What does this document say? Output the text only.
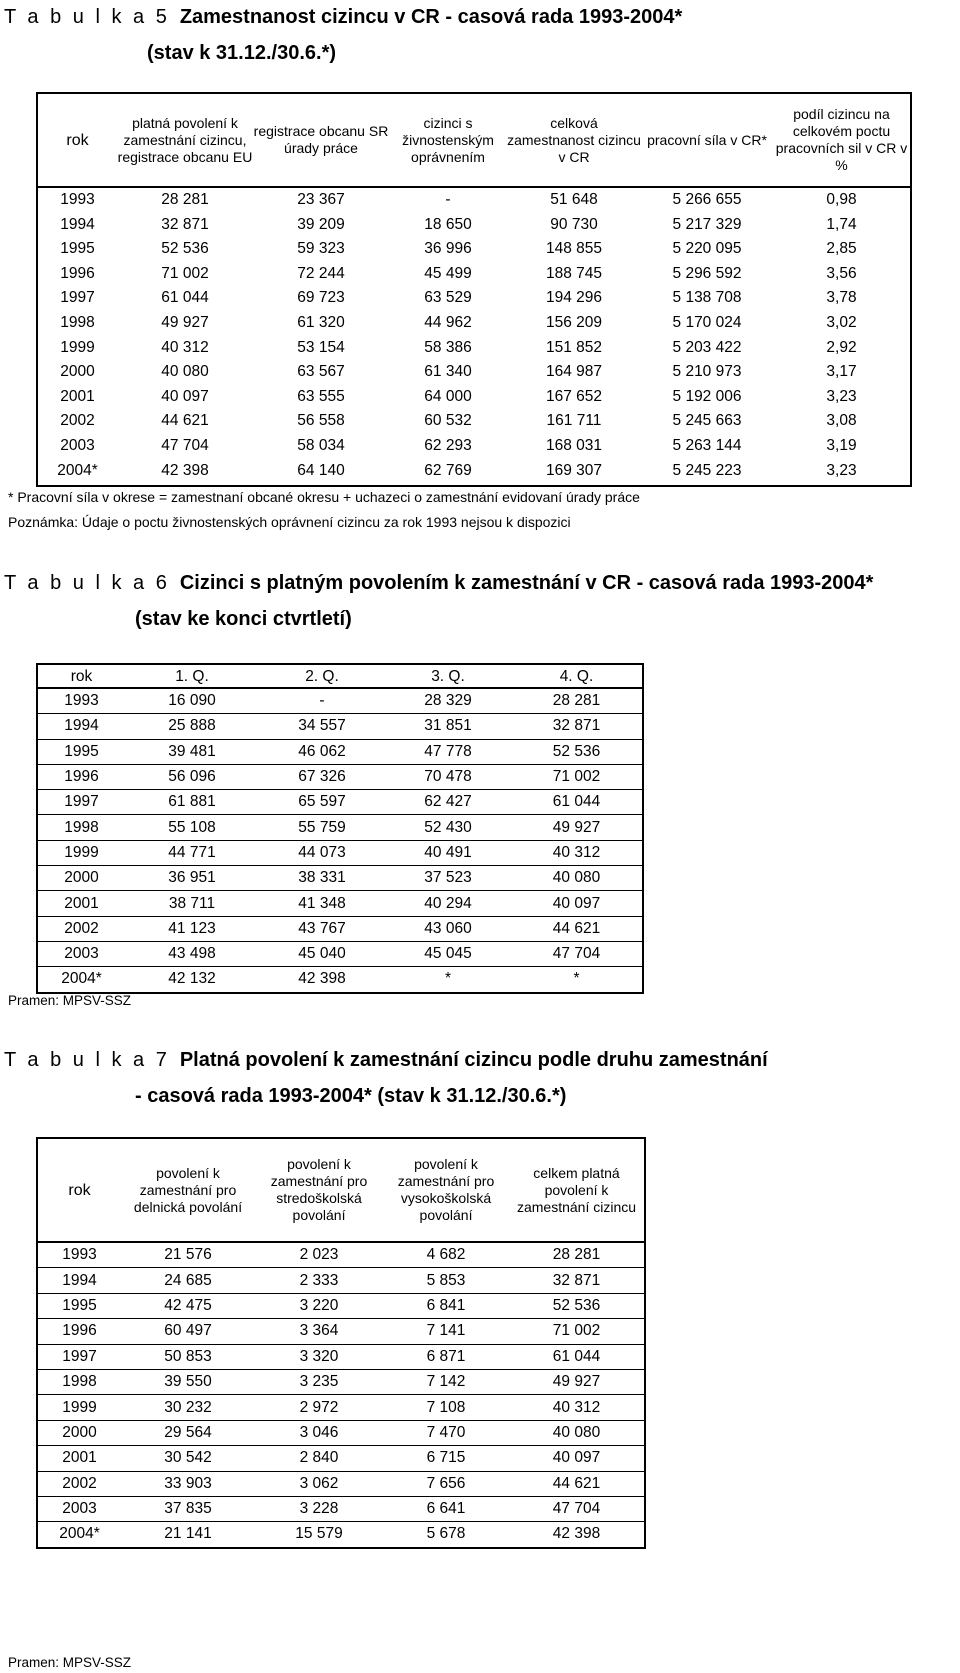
T a b u l k a 5 Zamestnanost cizincu v CR - casová rada 1993-2004*
(stav k 31.12./30.6.*)
rok	platná povolení k zamestnání cizincu, registrace obcanu EU	registrace obcanu SR úrady práce	cizinci s živnostenským oprávnením	celková zamestnanost cizincu v CR	pracovní síla v CR*	podíl cizincu na celkovém poctu pracovních sil v CR v %
1993	28 281	23 367	-	51 648	5 266 655	0,98
1994	32 871	39 209	18 650	90 730	5 217 329	1,74
1995	52 536	59 323	36 996	148 855	5 220 095	2,85
1996	71 002	72 244	45 499	188 745	5 296 592	3,56
1997	61 044	69 723	63 529	194 296	5 138 708	3,78
1998	49 927	61 320	44 962	156 209	5 170 024	3,02
1999	40 312	53 154	58 386	151 852	5 203 422	2,92
2000	40 080	63 567	61 340	164 987	5 210 973	3,17
2001	40 097	63 555	64 000	167 652	5 192 006	3,23
2002	44 621	56 558	60 532	161 711	5 245 663	3,08
2003	47 704	58 034	62 293	168 031	5 263 144	3,19
2004*	42 398	64 140	62 769	169 307	5 245 223	3,23
* Pracovní síla v okrese = zamestnaní obcané okresu + uchazeci o zamestnání evidovaní úrady práce
Poznámka: Údaje o poctu živnostenských oprávnení cizincu za rok 1993 nejsou k dispozici
T a b u l k a 6 Cizinci s platným povolením k zamestnání v CR - casová rada 1993-2004*
(stav ke konci ctvrtletí)
rok	1. Q.	2. Q.	3. Q.	4. Q.
1993	16 090	-	28 329	28 281
1994	25 888	34 557	31 851	32 871
1995	39 481	46 062	47 778	52 536
1996	56 096	67 326	70 478	71 002
1997	61 881	65 597	62 427	61 044
1998	55 108	55 759	52 430	49 927
1999	44 771	44 073	40 491	40 312
2000	36 951	38 331	37 523	40 080
2001	38 711	41 348	40 294	40 097
2002	41 123	43 767	43 060	44 621
2003	43 498	45 040	45 045	47 704
2004*	42 132	42 398	*	*
Pramen: MPSV-SSZ
T a b u l k a 7 Platná povolení k zamestnání cizincu podle druhu zamestnání
- casová rada 1993-2004* (stav k 31.12./30.6.*)
rok	povolení k zamestnání pro delnická povolání	povolení k zamestnání pro stredoškolská povolání	povolení k zamestnání pro vysokoškolská povolání	celkem platná povolení k zamestnání cizincu
1993	21 576	2 023	4 682	28 281
1994	24 685	2 333	5 853	32 871
1995	42 475	3 220	6 841	52 536
1996	60 497	3 364	7 141	71 002
1997	50 853	3 320	6 871	61 044
1998	39 550	3 235	7 142	49 927
1999	30 232	2 972	7 108	40 312
2000	29 564	3 046	7 470	40 080
2001	30 542	2 840	6 715	40 097
2002	33 903	3 062	7 656	44 621
2003	37 835	3 228	6 641	47 704
2004*	21 141	15 579	5 678	42 398
Pramen: MPSV-SSZ
